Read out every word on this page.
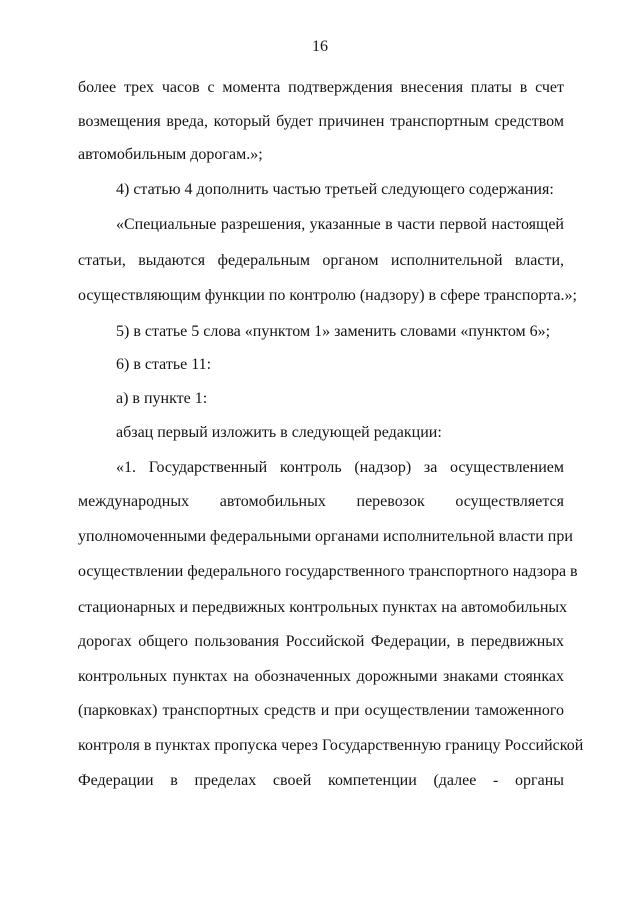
16
более трех часов с момента подтверждения внесения платы в счет
возмещения вреда, который будет причинен транспортным средством
автомобильным дорогам.»;
4) статью 4 дополнить частью третьей следующего содержания:
«Специальные разрешения, указанные в части первой настоящей
статьи, выдаются федеральным органом исполнительной власти,
осуществляющим функции по контролю (надзору) в сфере транспорта.»;
5) в статье 5 слова «пунктом 1» заменить словами «пунктом 6»;
6) в статье 11:
а) в пункте 1:
абзац первый изложить в следующей редакции:
«1. Государственный контроль (надзор) за осуществлением
международных автомобильных перевозок осуществляется
уполномоченными федеральными органами исполнительной власти при
осуществлении федерального государственного транспортного надзора в
стационарных и передвижных контрольных пунктах на автомобильных
дорогах общего пользования Российской Федерации, в передвижных
контрольных пунктах на обозначенных дорожными знаками стоянках
(парковках) транспортных средств и при осуществлении таможенного
контроля в пунктах пропуска через Государственную границу Российской
Федерации в пределах своей компетенции (далее - органы
